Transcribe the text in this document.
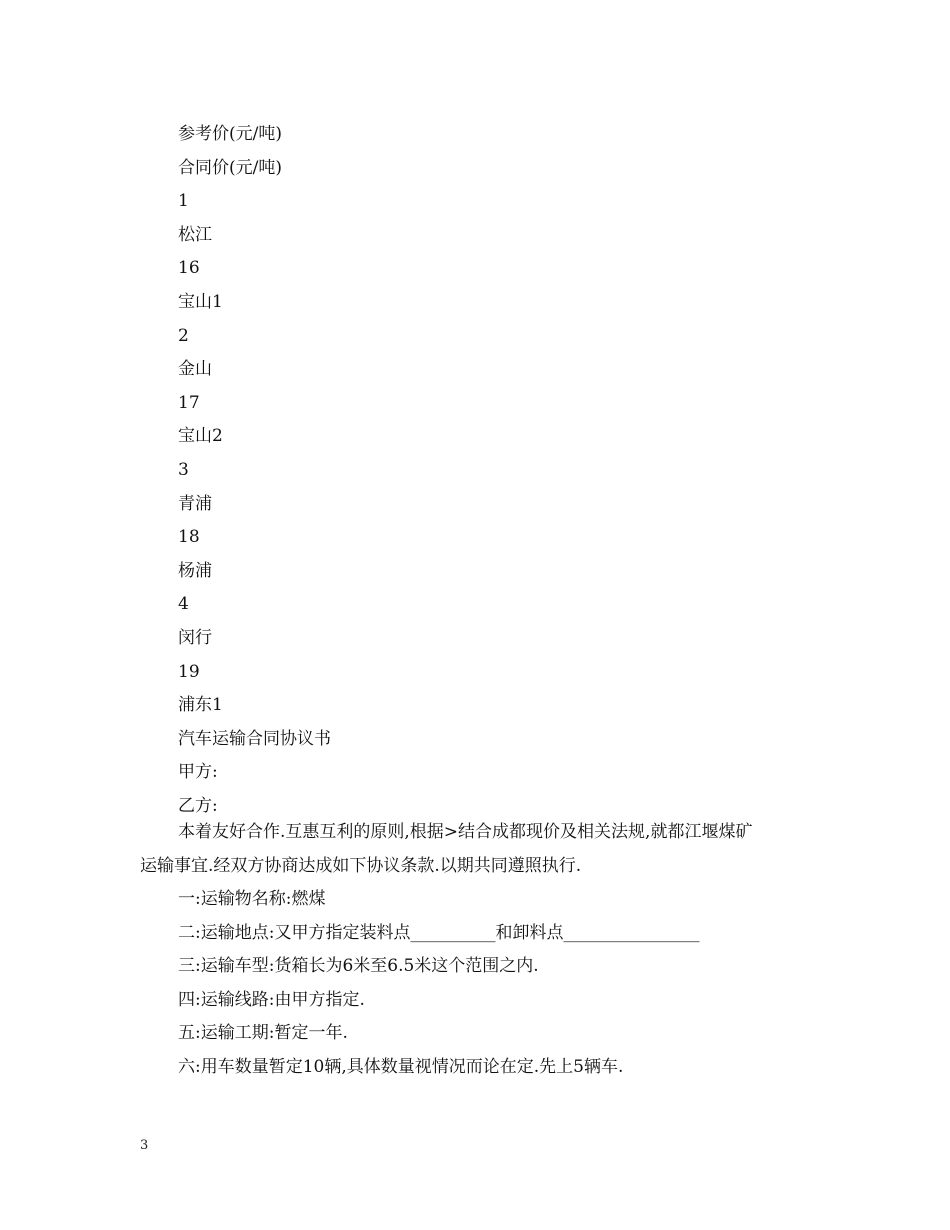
参考价(元/吨)
合同价(元/吨)
1
松江
16
宝山1
2
金山
17
宝山2
3
青浦
18
杨浦
4
闵行
19
浦东1
汽车运输合同协议书
甲方:
乙方:
本着友好合作.互惠互利的原则,根据>结合成都现价及相关法规,就都江堰煤矿
运输事宜.经双方协商达成如下协议条款.以期共同遵照执行.
一:运输物名称:燃煤
二:运输地点:又甲方指定装料点__________和卸料点________________
三:运输车型:货箱长为6米至6.5米这个范围之内.
四:运输线路:由甲方指定.
五:运输工期:暂定一年.
六:用车数量暂定10辆,具体数量视情况而论在定.先上5辆车.
3
